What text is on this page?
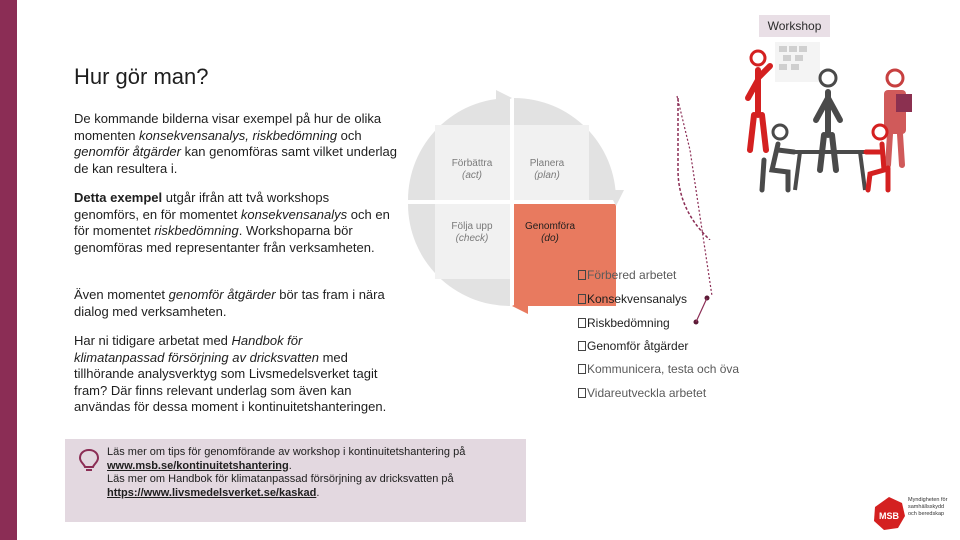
Workshop
Hur gör man?
De kommande bilderna visar exempel på hur de olika momenten konsekvensanalys, riskbedömning och genomför åtgärder kan genomföras samt vilket underlag de kan resultera i.
Detta exempel utgår ifrån att två workshops genomförs, en för momentet konsekvensanalys och en för momentet riskbedömning. Workshoparna bör genomföras med representanter från verksamheten.
Även momentet genomför åtgärder bör tas fram i nära dialog med verksamheten.
Har ni tidigare arbetat med Handbok för klimatanpassad försörjning av dricksvatten med tillhörande analysverktyg som Livsmedelsverket tagit fram? Där finns relevant underlag som även kan användas för dessa moment i kontinuitetshanteringen.
Förbättra
(act)
Planera
(plan)
Följa upp
(check)
Genomföra
(do)
Förbered arbetet
Konsekvensanalys
Riskbedömning
Genomför åtgärder
Kommunicera, testa och öva
Vidareutveckla arbetet
Läs mer om tips för genomförande av workshop i kontinuitetshantering på www.msb.se/kontinuitetshantering.
Läs mer om Handbok för klimatanpassad försörjning av dricksvatten på https://www.livsmedelsverket.se/kaskad.
MSB
Myndigheten för
samhällsskydd
och beredskap
